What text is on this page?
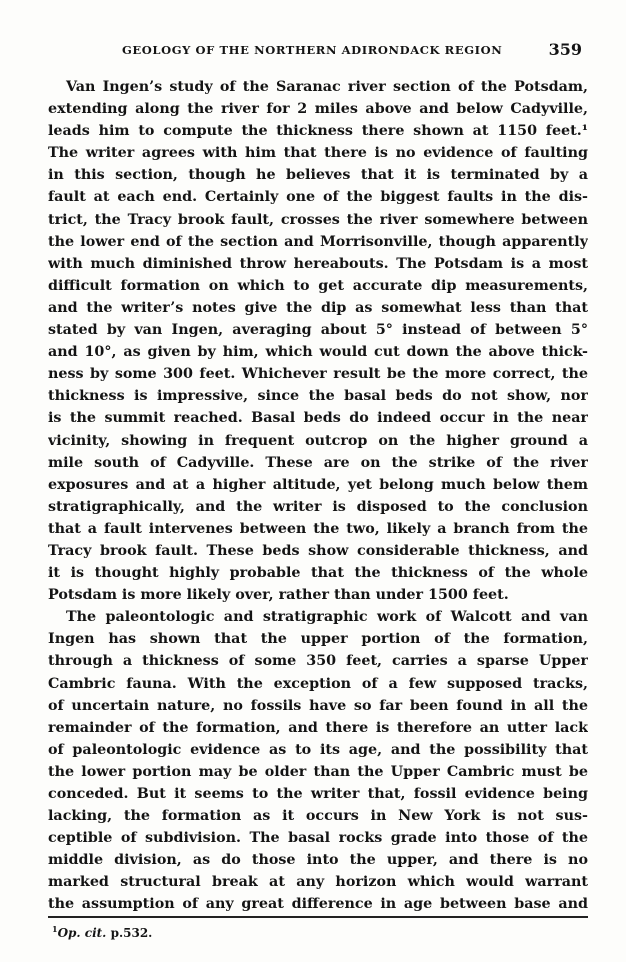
GEOLOGY OF THE NORTHERN ADIRONDACK REGION	359
Van Ingen’s study of the Saranac river section of the Potsdam,
extending along the river for 2 miles above and below Cadyville,
leads him to compute the thickness there shown at 1150 feet.¹
The writer agrees with him that there is no evidence of faulting
in this section, though he believes that it is terminated by a
fault at each end. Certainly one of the biggest faults in the dis-
trict, the Tracy brook fault, crosses the river somewhere between
the lower end of the section and Morrisonville, though apparently
with much diminished throw hereabouts. The Potsdam is a most
difficult formation on which to get accurate dip measurements,
and the writer’s notes give the dip as somewhat less than that
stated by van Ingen, averaging about 5° instead of between 5°
and 10°, as given by him, which would cut down the above thick-
ness by some 300 feet. Whichever result be the more correct, the
thickness is impressive, since the basal beds do not show, nor
is the summit reached. Basal beds do indeed occur in the near
vicinity, showing in frequent outcrop on the higher ground a
mile south of Cadyville. These are on the strike of the river
exposures and at a higher altitude, yet belong much below them
stratigraphically, and the writer is disposed to the conclusion
that a fault intervenes between the two, likely a branch from the
Tracy brook fault. These beds show considerable thickness, and
it is thought highly probable that the thickness of the whole
Potsdam is more likely over, rather than under 1500 feet.
The paleontologic and stratigraphic work of Walcott and van
Ingen has shown that the upper portion of the formation,
through a thickness of some 350 feet, carries a sparse Upper
Cambric fauna. With the exception of a few supposed tracks,
of uncertain nature, no fossils have so far been found in all the
remainder of the formation, and there is therefore an utter lack
of paleontologic evidence as to its age, and the possibility that
the lower portion may be older than the Upper Cambric must be
conceded. But it seems to the writer that, fossil evidence being
lacking, the formation as it occurs in New York is not sus-
ceptible of subdivision. The basal rocks grade into those of the
middle division, as do those into the upper, and there is no
marked structural break at any horizon which would warrant
the assumption of any great difference in age between base and
$^1$Op. cit. p.532.
